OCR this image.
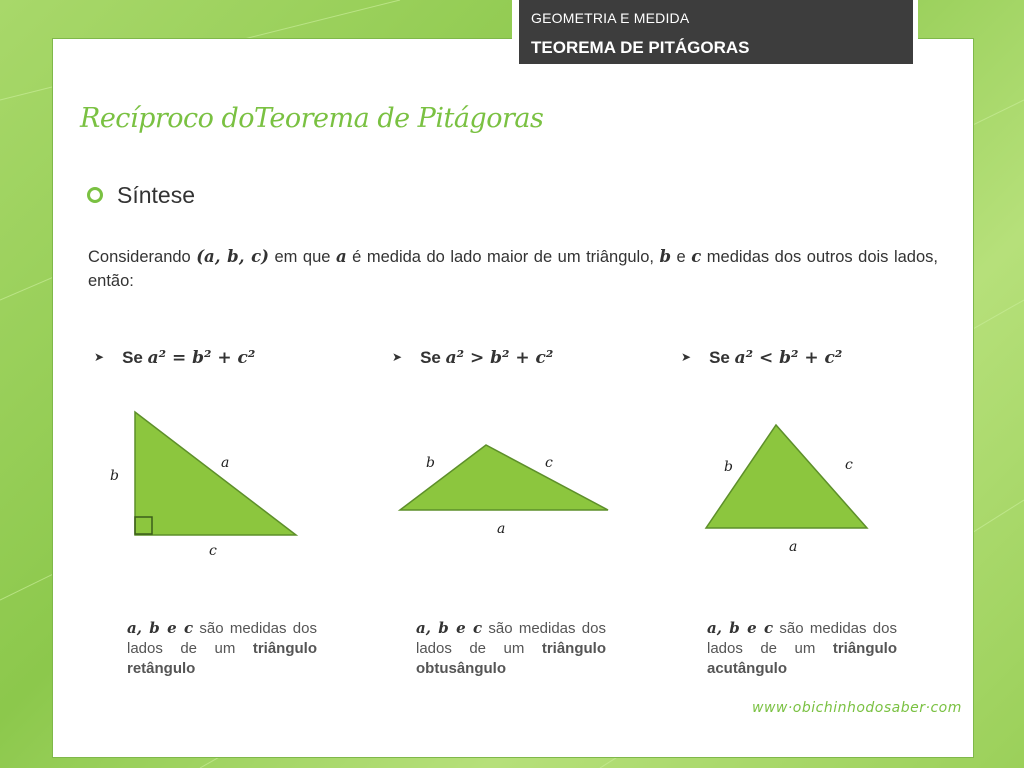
GEOMETRIA E MEDIDA
TEOREMA DE PITÁGORAS
Recíproco doTeorema de Pitágoras
Síntese
Considerando (a, b, c) em que a é medida do lado maior de um triângulo, b e c medidas dos outros dois lados, então:
➤ Se a² = b² + c²	➤ Se a² > b² + c²	➤ Se a² < b² + c²
b
a
c
b	c
a
b	c
a
a, b e c são medidas dos lados de um triângulo retângulo
a, b e c são medidas dos lados de um triângulo obtusângulo
a, b e c são medidas dos lados de um triângulo acutângulo
www·obichinhodosaber·com
